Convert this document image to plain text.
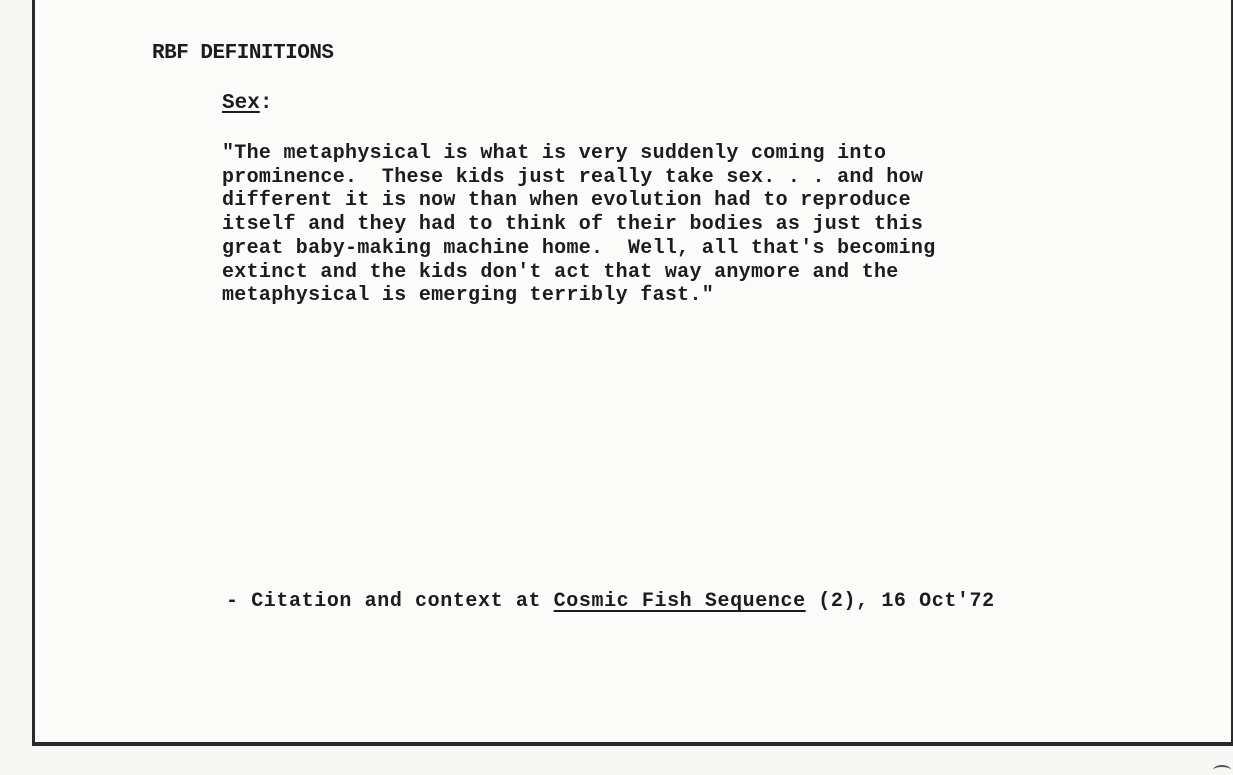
RBF DEFINITIONS
Sex:
"The metaphysical is what is very suddenly coming into
prominence.  These kids just really take sex. . . and how
different it is now than when evolution had to reproduce
itself and they had to think of their bodies as just this
great baby-making machine home.  Well, all that's becoming
extinct and the kids don't act that way anymore and the
metaphysical is emerging terribly fast."
- Citation and context at Cosmic Fish Sequence (2), 16 Oct'72
